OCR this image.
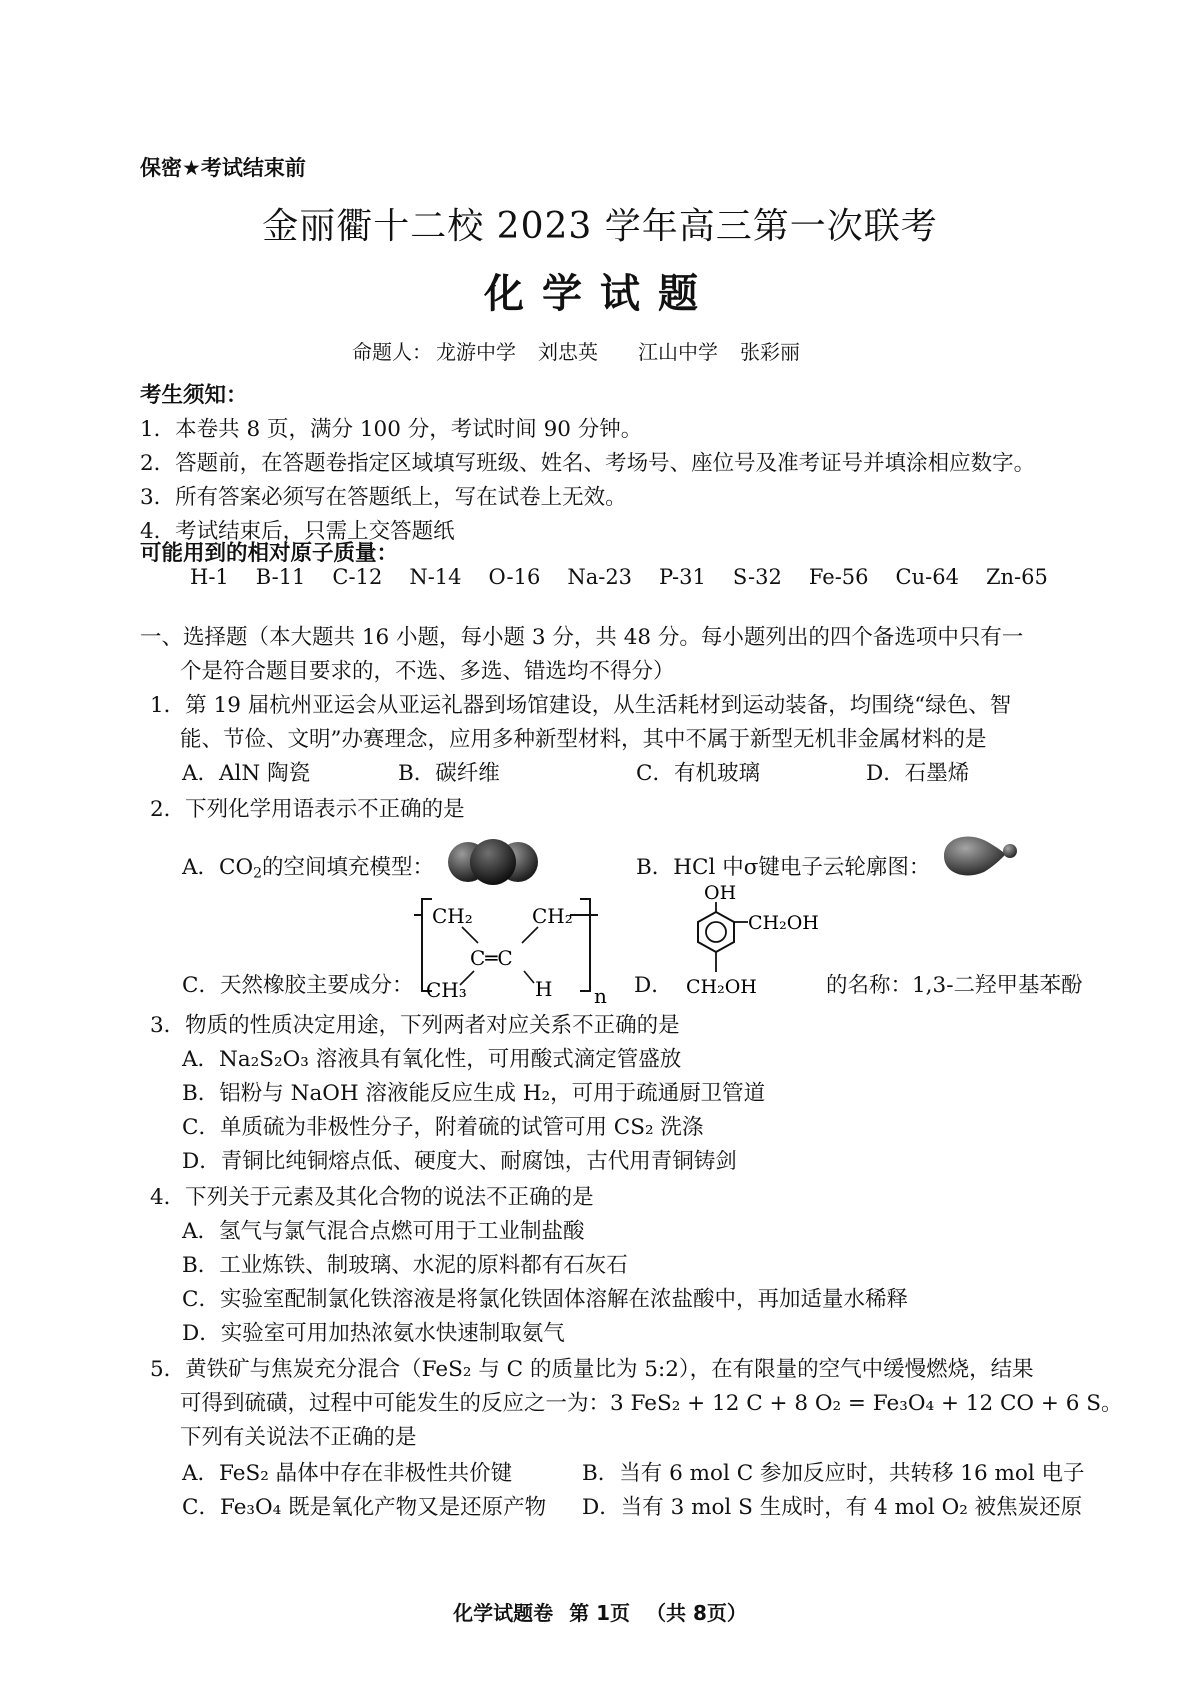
保密★考试结束前
金丽衢十二校 2023 学年高三第一次联考
化学试题
命题人： 龙游中学 刘忠英 江山中学 张彩丽
考生须知：
1．本卷共 8 页，满分 100 分，考试时间 90 分钟。
2．答题前，在答题卷指定区域填写班级、姓名、考场号、座位号及准考证号并填涂相应数字。
3．所有答案必须写在答题纸上，写在试卷上无效。
4．考试结束后，只需上交答题纸
可能用到的相对原子质量：
H-1 B-11 C-12 N-14 O-16 Na-23 P-31 S-32 Fe-56 Cu-64 Zn-65
一、选择题（本大题共 16 小题，每小题 3 分，共 48 分。每小题列出的四个备选项中只有一
个是符合题目要求的，不选、多选、错选均不得分）
1．第 19 届杭州亚运会从亚运礼器到场馆建设，从生活耗材到运动装备，均围绕“绿色、智
能、节俭、文明”办赛理念，应用多种新型材料，其中不属于新型无机非金属材料的是
A．AlN 陶瓷	B．碳纤维	C．有机玻璃	D．石墨烯
2．下列化学用语表示不正确的是
A．$CO_2$的空间填充模型：	B．HCl 中σ键电子云轮廓图：
C．天然橡胶主要成分：
CH₂	CH₂
C═C
CH₃	H n D．
OH
CH₂OH
CH₂OH	的名称：1,3-二羟甲基苯酚
3．物质的性质决定用途，下列两者对应关系不正确的是
A．Na₂S₂O₃ 溶液具有氧化性，可用酸式滴定管盛放
B．铝粉与 NaOH 溶液能反应生成 H₂，可用于疏通厨卫管道
C．单质硫为非极性分子，附着硫的试管可用 CS₂ 洗涤
D．青铜比纯铜熔点低、硬度大、耐腐蚀，古代用青铜铸剑
4．下列关于元素及其化合物的说法不正确的是
A．氢气与氯气混合点燃可用于工业制盐酸
B．工业炼铁、制玻璃、水泥的原料都有石灰石
C．实验室配制氯化铁溶液是将氯化铁固体溶解在浓盐酸中，再加适量水稀释
D．实验室可用加热浓氨水快速制取氨气
5．黄铁矿与焦炭充分混合（FeS₂ 与 C 的质量比为 5:2），在有限量的空气中缓慢燃烧，结果
可得到硫磺，过程中可能发生的反应之一为：3 FeS₂ + 12 C + 8 O₂ = Fe₃O₄ + 12 CO + 6 S。
下列有关说法不正确的是
A．FeS₂ 晶体中存在非极性共价键	B．当有 6 mol C 参加反应时，共转移 16 mol 电子
C．Fe₃O₄ 既是氧化产物又是还原产物 D．当有 3 mol S 生成时，有 4 mol O₂ 被焦炭还原
化学试题卷 第 1页 （共 8页）
